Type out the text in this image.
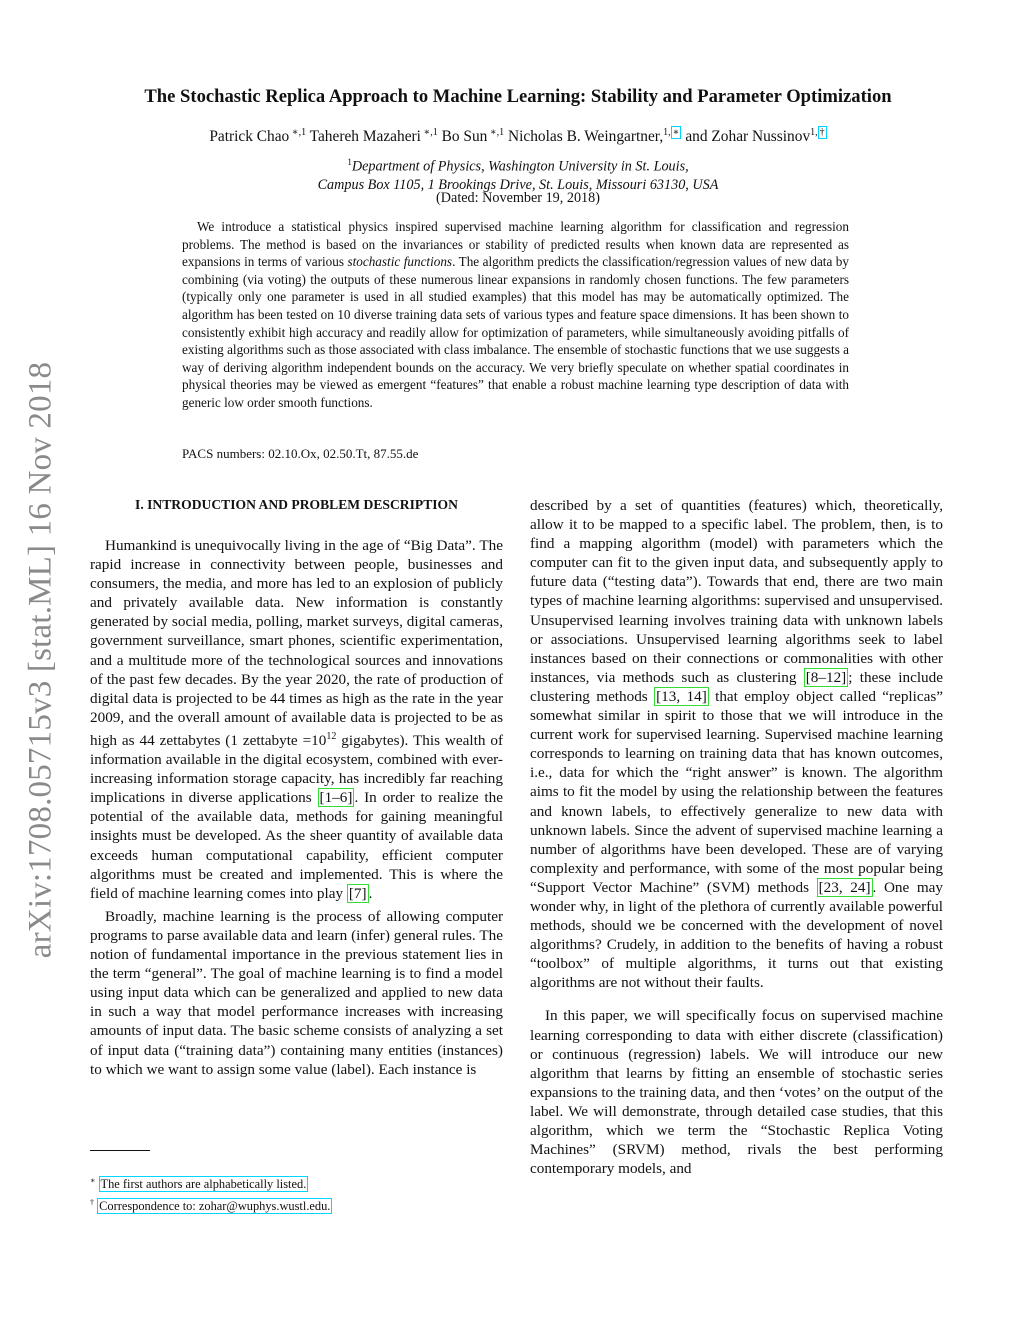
arXiv:1708.05715v3 [stat.ML] 16 Nov 2018
The Stochastic Replica Approach to Machine Learning: Stability and Parameter Optimization
Patrick Chao $^{∗,1}$ Tahereh Mazaheri $^{∗,1}$ Bo Sun $^{∗,1}$ Nicholas B. Weingartner,$^{1,}$ ∗ and Zohar Nussinov$^{1,}$ †
$^1$Department of Physics, Washington University in St. Louis,
Campus Box 1105, 1 Brookings Drive, St. Louis, Missouri 63130, USA
(Dated: November 19, 2018)

We introduce a statistical physics inspired supervised machine learning algorithm for classification and regression problems. The method is based on the invariances or stability of predicted results when known data are represented as expansions in terms of various stochastic functions. The algorithm predicts the classification/regression values of new data by combining (via voting) the outputs of these numerous linear expansions in randomly chosen functions. The few parameters (typically only one parameter is used in all studied examples) that this model has may be automatically optimized. The algorithm has been tested on 10 diverse training data sets of various types and feature space dimensions. It has been shown to consistently exhibit high accuracy and readily allow for optimization of parameters, while simultaneously avoiding pitfalls of existing algorithms such as those associated with class imbalance. The ensemble of stochastic functions that we use suggests a way of deriving algorithm independent bounds on the accuracy. We very briefly speculate on whether spatial coordinates in physical theories may be viewed as emergent “features” that enable a robust machine learning type description of data with generic low order smooth functions.

PACS numbers: 02.10.Ox, 02.50.Tt, 87.55.de
I. INTRODUCTION AND PROBLEM DESCRIPTION

Humankind is unequivocally living in the age of “Big Data”. The rapid increase in connectivity between people, businesses and consumers, the media, and more has led to an explosion of publicly and privately available data. New information is constantly generated by social media, polling, market surveys, digital cameras, government surveillance, smart phones, scientific experimentation, and a multitude more of the technological sources and innovations of the past few decades. By the year 2020, the rate of production of digital data is projected to be 44 times as high as the rate in the year 2009, and the overall amount of available data is projected to be as high as 44 zettabytes (1 zettabyte $=10^{12}$ gigabytes). This wealth of information available in the digital ecosystem, combined with ever-increasing information storage capacity, has incredibly far reaching implications in diverse applications [1–6] . In order to realize the potential of the available data, methods for gaining meaningful insights must be developed. As the sheer quantity of available data exceeds human computational capability, efficient computer algorithms must be created and implemented. This is where the field of machine learning comes into play [7] .

Broadly, machine learning is the process of allowing computer programs to parse available data and learn (infer) general rules. The notion of fundamental importance in the previous statement lies in the term “general”. The goal of machine learning is to find a model using input data which can be generalized and applied to new data in such a way that model performance increases with increasing amounts of input data. The basic scheme consists of analyzing a set of input data (“training data”) containing many entities (instances) to which we want to assign some value (label). Each instance is

described by a set of quantities (features) which, theoretically, allow it to be mapped to a specific label. The problem, then, is to find a mapping algorithm (model) with parameters which the computer can fit to the given input data, and subsequently apply to future data (“testing data”). Towards that end, there are two main types of machine learning algorithms: supervised and unsupervised. Unsupervised learning involves training data with unknown labels or associations. Unsupervised learning algorithms seek to label instances based on their connections or commonalities with other instances, via methods such as clustering [8–12] ; these include clustering methods [13, 14] that employ object called “replicas” somewhat similar in spirit to those that we will introduce in the current work for supervised learning. Supervised machine learning corresponds to learning on training data that has known outcomes, i.e., data for which the “right answer” is known. The algorithm aims to fit the model by using the relationship between the features and known labels, to effectively generalize to new data with unknown labels. Since the advent of supervised machine learning a number of algorithms have been developed. These are of varying complexity and performance, with some of the most popular being “Support Vector Machine” (SVM) methods [23, 24] . One may wonder why, in light of the plethora of currently available powerful methods, should we be concerned with the development of novel algorithms? Crudely, in addition to the benefits of having a robust “toolbox” of multiple algorithms, it turns out that existing algorithms are not without their faults.

In this paper, we will specifically focus on supervised machine learning corresponding to data with either discrete (classification) or continuous (regression) labels. We will introduce our new algorithm that learns by fitting an ensemble of stochastic series expansions to the training data, and then ‘votes’ on the output of the label. We will demonstrate, through detailed case studies, that this algorithm, which we term the “Stochastic Replica Voting Machines” (SRVM) method, rivals the best performing contemporary models, and

∗ The first authors are alphabetically listed.
† Correspondence to: zohar@wuphys.wustl.edu.
